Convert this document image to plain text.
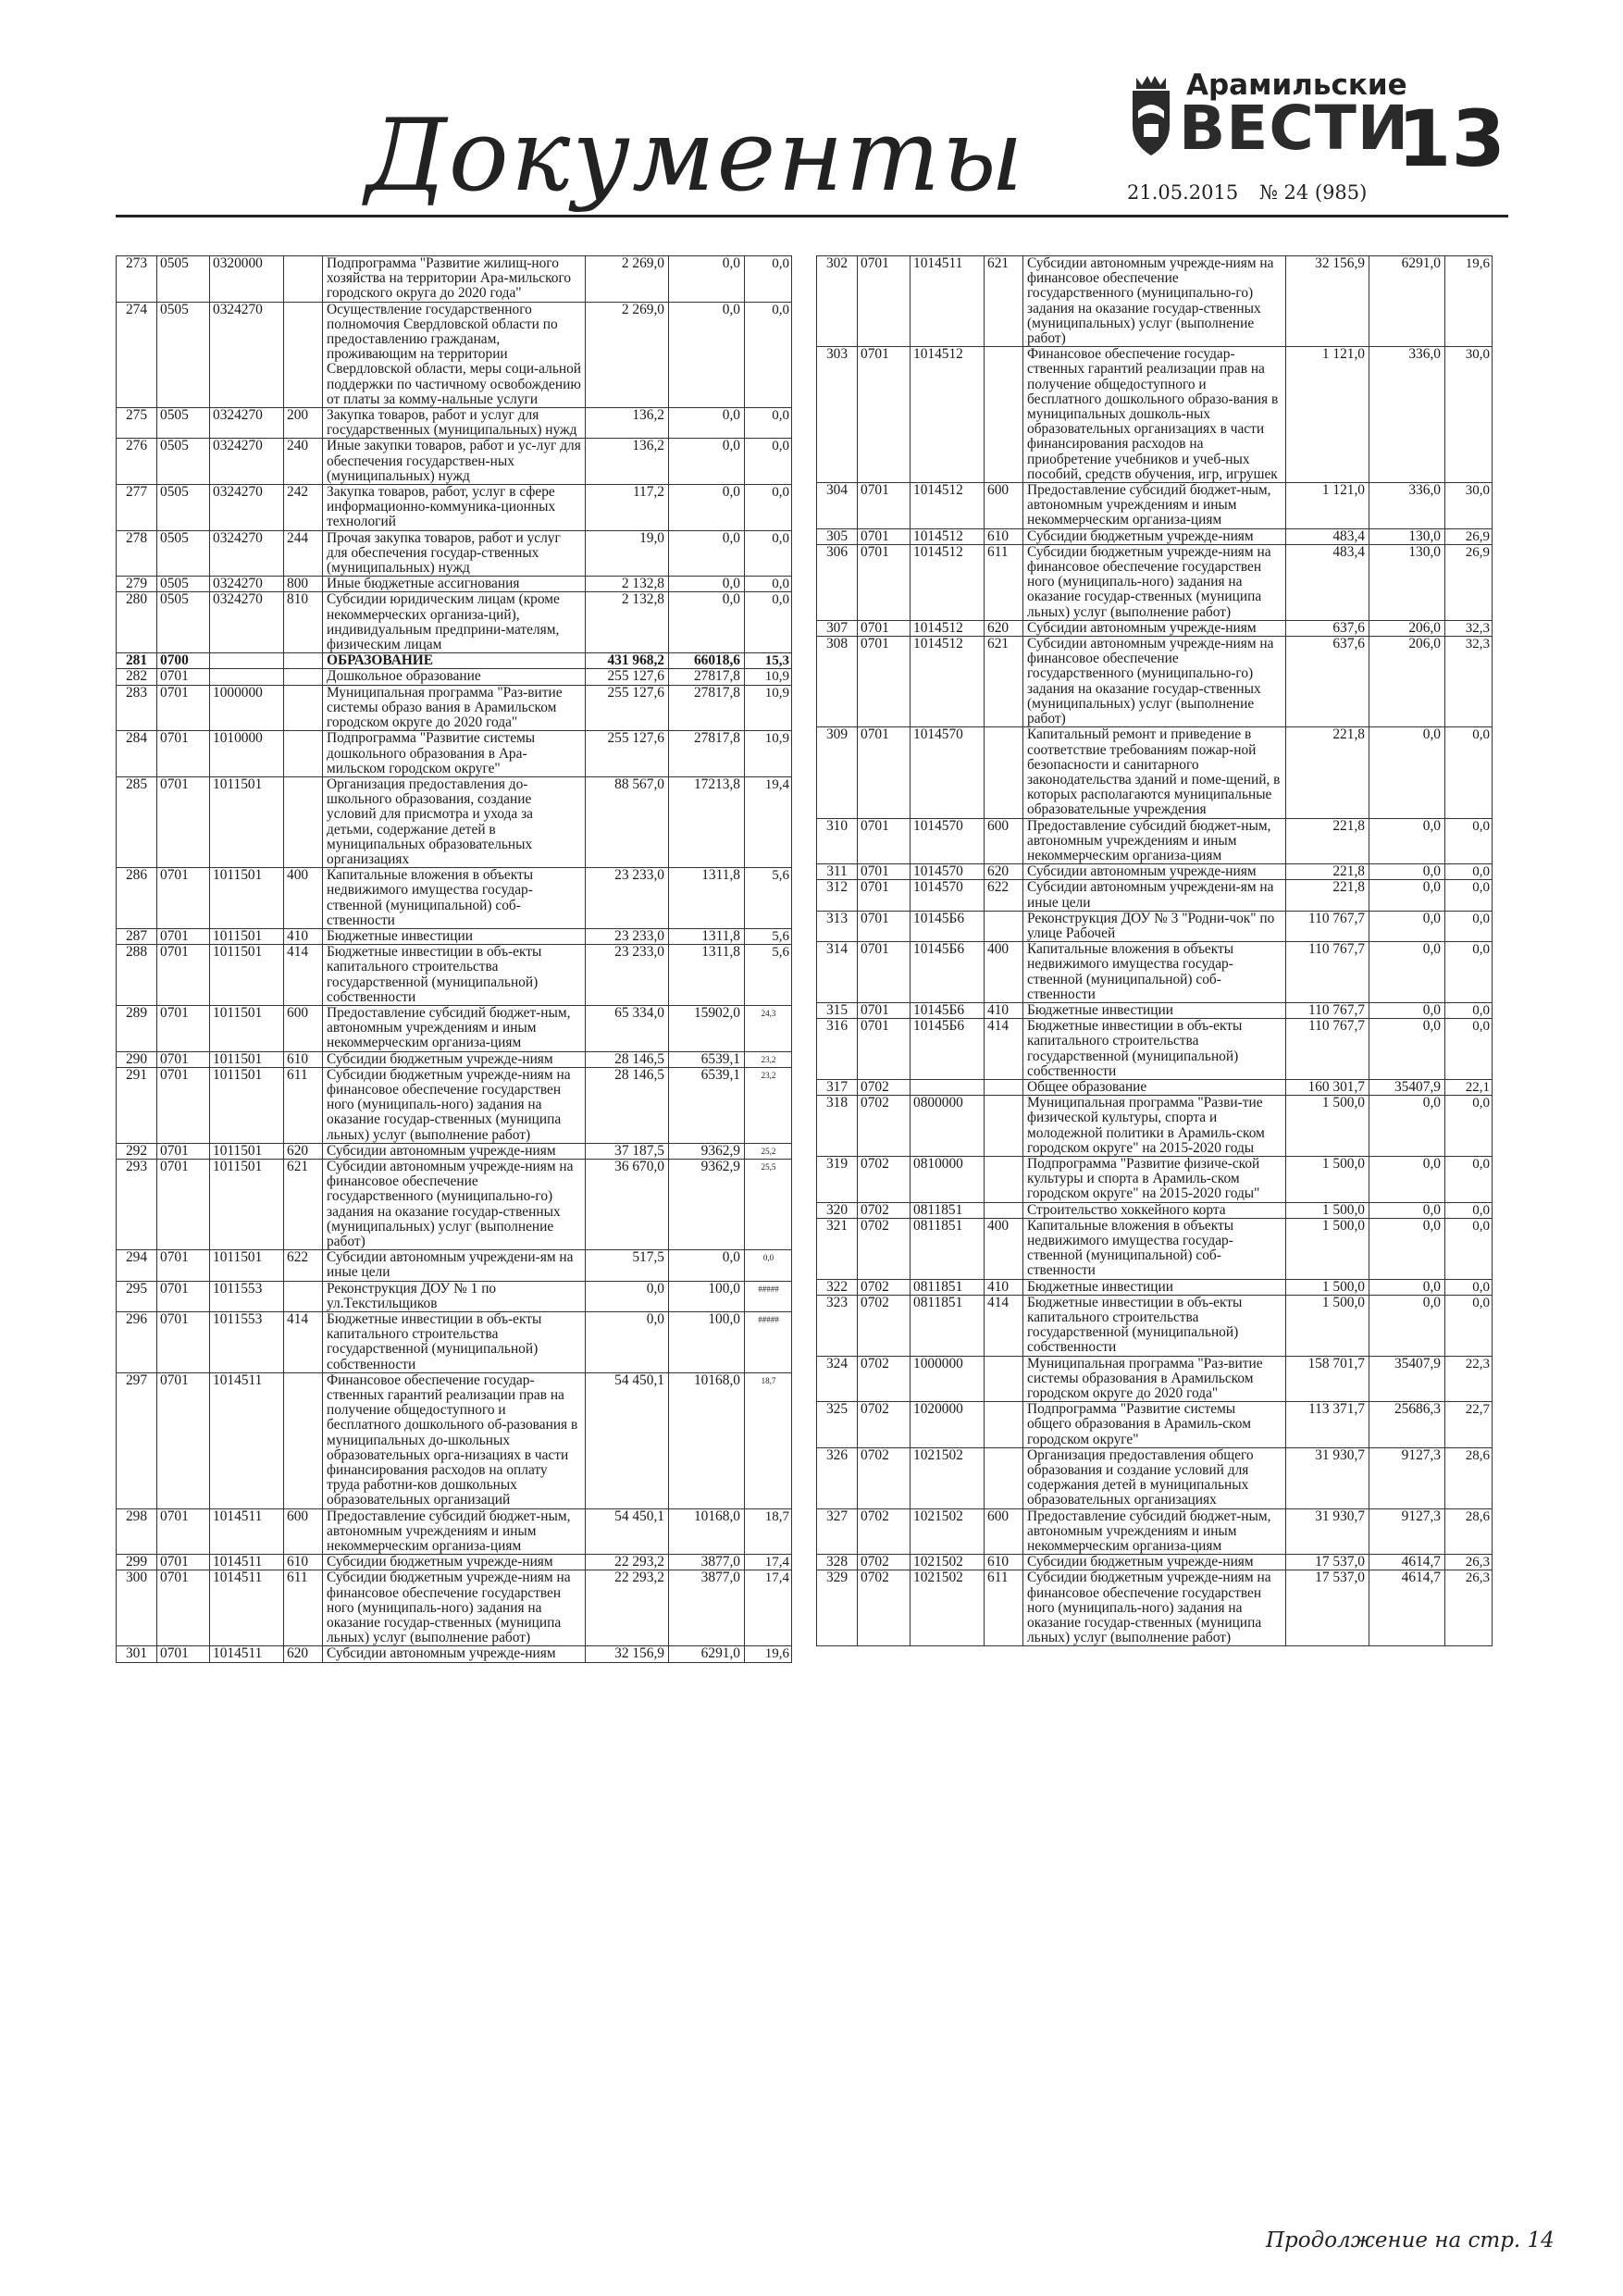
Документы
Арамильские
ВЕСТИ
13
21.05.2015 № 24 (985)
273	0505	0320000		Подпрограмма "Развитие жилищ-ного хозяйства на территории Ара-мильского городского округа до 2020 года"	2 269,0	0,0	0,0
274	0505	0324270		Осуществление государственного полномочия Свердловской области по предоставлению гражданам, проживающим на территории Свердловской области, меры соци-альной поддержки по частичному освобождению от платы за комму-нальные услуги	2 269,0	0,0	0,0
275	0505	0324270	200	Закупка товаров, работ и услуг для государственных (муниципальных) нужд	136,2	0,0	0,0
276	0505	0324270	240	Иные закупки товаров, работ и ус-луг для обеспечения государствен-ных (муниципальных) нужд	136,2	0,0	0,0
277	0505	0324270	242	Закупка товаров, работ, услуг в сфере информационно-коммуника-ционных технологий	117,2	0,0	0,0
278	0505	0324270	244	Прочая закупка товаров, работ и услуг для обеспечения государ-ственных (муниципальных) нужд	19,0	0,0	0,0
279	0505	0324270	800	Иные бюджетные ассигнования	2 132,8	0,0	0,0
280	0505	0324270	810	Субсидии юридическим лицам (кроме некоммерческих организа-ций), индивидуальным предприни-мателям, физическим лицам	2 132,8	0,0	0,0
281	0700			ОБРАЗОВАНИЕ	431 968,2	66018,6	15,3
282	0701			Дошкольное образование	255 127,6	27817,8	10,9
283	0701	1000000		Муниципальная программа "Раз-витие системы образо вания в Арамильском городском округе до 2020 года"	255 127,6	27817,8	10,9
284	0701	1010000		Подпрограмма "Развитие системы дошкольного образования в Ара-мильском городском округе"	255 127,6	27817,8	10,9
285	0701	1011501		Организация предоставления до-школьного образования, создание условий для присмотра и ухода за детьми, содержание детей в муниципальных образовательных организациях	88 567,0	17213,8	19,4
286	0701	1011501	400	Капитальные вложения в объекты недвижимого имущества государ-ственной (муниципальной) соб-ственности	23 233,0	1311,8	5,6
287	0701	1011501	410	Бюджетные инвестиции	23 233,0	1311,8	5,6
288	0701	1011501	414	Бюджетные инвестиции в объ-екты капитального строительства государственной (муниципальной) собственности	23 233,0	1311,8	5,6
289	0701	1011501	600	Предоставление субсидий бюджет-ным, автономным учреждениям и иным некоммерческим организа-циям	65 334,0	15902,0	24,3
290	0701	1011501	610	Субсидии бюджетным учрежде-ниям	28 146,5	6539,1	23,2
291	0701	1011501	611	Субсидии бюджетным учрежде-ниям на финансовое обеспечение государствен ного (муниципаль-ного) задания на оказание государ-ственных (муниципа льных) услуг (выполнение работ)	28 146,5	6539,1	23,2
292	0701	1011501	620	Субсидии автономным учрежде-ниям	37 187,5	9362,9	25,2
293	0701	1011501	621	Субсидии автономным учрежде-ниям на финансовое обеспечение государственного (муниципально-го) задания на оказание государ-ственных (муниципальных) услуг (выполнение работ)	36 670,0	9362,9	25,5
294	0701	1011501	622	Субсидии автономным учреждени-ям на иные цели	517,5	0,0	0,0
295	0701	1011553		Реконструкция ДОУ № 1 по ул.Текстильщиков	0,0	100,0	#####
296	0701	1011553	414	Бюджетные инвестиции в объ-екты капитального строительства государственной (муниципальной) собственности	0,0	100,0	#####
297	0701	1014511		Финансовое обеспечение государ-ственных гарантий реализации прав на получение общедоступного и бесплатного дошкольного об-разования в муниципальных до-школьных образовательных орга-низациях в части финансирования расходов на оплату труда работни-ков дошкольных образовательных организаций	54 450,1	10168,0	18,7
298	0701	1014511	600	Предоставление субсидий бюджет-ным, автономным учреждениям и иным некоммерческим организа-циям	54 450,1	10168,0	18,7
299	0701	1014511	610	Субсидии бюджетным учрежде-ниям	22 293,2	3877,0	17,4
300	0701	1014511	611	Субсидии бюджетным учрежде-ниям на финансовое обеспечение государствен ного (муниципаль-ного) задания на оказание государ-ственных (муниципа льных) услуг (выполнение работ)	22 293,2	3877,0	17,4
301	0701	1014511	620	Субсидии автономным учрежде-ниям	32 156,9	6291,0	19,6
302	0701	1014511	621	Субсидии автономным учрежде-ниям на финансовое обеспечение государственного (муниципально-го) задания на оказание государ-ственных (муниципальных) услуг (выполнение работ)	32 156,9	6291,0	19,6
303	0701	1014512		Финансовое обеспечение государ-ственных гарантий реализации прав на получение общедоступного и бесплатного дошкольного образо-вания в муниципальных дошколь-ных образовательных организациях в части финансирования расходов на приобретение учебников и учеб-ных пособий, средств обучения, игр, игрушек	1 121,0	336,0	30,0
304	0701	1014512	600	Предоставление субсидий бюджет-ным, автономным учреждениям и иным некоммерческим организа-циям	1 121,0	336,0	30,0
305	0701	1014512	610	Субсидии бюджетным учрежде-ниям	483,4	130,0	26,9
306	0701	1014512	611	Субсидии бюджетным учрежде-ниям на финансовое обеспечение государствен ного (муниципаль-ного) задания на оказание государ-ственных (муниципа льных) услуг (выполнение работ)	483,4	130,0	26,9
307	0701	1014512	620	Субсидии автономным учрежде-ниям	637,6	206,0	32,3
308	0701	1014512	621	Субсидии автономным учрежде-ниям на финансовое обеспечение государственного (муниципально-го) задания на оказание государ-ственных (муниципальных) услуг (выполнение работ)	637,6	206,0	32,3
309	0701	1014570		Капитальный ремонт и приведение в соответствие требованиям пожар-ной безопасности и санитарного законодательства зданий и поме-щений, в которых располагаются муниципальные образовательные учреждения	221,8	0,0	0,0
310	0701	1014570	600	Предоставление субсидий бюджет-ным, автономным учреждениям и иным некоммерческим организа-циям	221,8	0,0	0,0
311	0701	1014570	620	Субсидии автономным учрежде-ниям	221,8	0,0	0,0
312	0701	1014570	622	Субсидии автономным учреждени-ям на иные цели	221,8	0,0	0,0
313	0701	10145Б6		Реконструкция ДОУ № 3 "Родни-чок" по улице Рабочей	110 767,7	0,0	0,0
314	0701	10145Б6	400	Капитальные вложения в объекты недвижимого имущества государ-ственной (муниципальной) соб-ственности	110 767,7	0,0	0,0
315	0701	10145Б6	410	Бюджетные инвестиции	110 767,7	0,0	0,0
316	0701	10145Б6	414	Бюджетные инвестиции в объ-екты капитального строительства государственной (муниципальной) собственности	110 767,7	0,0	0,0
317	0702			Общее образование	160 301,7	35407,9	22,1
318	0702	0800000		Муниципальная программа "Разви-тие физической культуры, спорта и молодежной политики в Арамиль-ском городском округе" на 2015-2020 годы	1 500,0	0,0	0,0
319	0702	0810000		Подпрограмма "Развитие физиче-ской культуры и спорта в Арамиль-ском городском округе" на 2015-2020 годы"	1 500,0	0,0	0,0
320	0702	0811851		Строительство хоккейного корта	1 500,0	0,0	0,0
321	0702	0811851	400	Капитальные вложения в объекты недвижимого имущества государ-ственной (муниципальной) соб-ственности	1 500,0	0,0	0,0
322	0702	0811851	410	Бюджетные инвестиции	1 500,0	0,0	0,0
323	0702	0811851	414	Бюджетные инвестиции в объ-екты капитального строительства государственной (муниципальной) собственности	1 500,0	0,0	0,0
324	0702	1000000		Муниципальная программа "Раз-витие системы образования в Арамильском городском округе до 2020 года"	158 701,7	35407,9	22,3
325	0702	1020000		Подпрограмма "Развитие системы общего образования в Арамиль-ском городском округе"	113 371,7	25686,3	22,7
326	0702	1021502		Организация предоставления общего образования и создание условий для содержания детей в муниципальных образовательных организациях	31 930,7	9127,3	28,6
327	0702	1021502	600	Предоставление субсидий бюджет-ным, автономным учреждениям и иным некоммерческим организа-циям	31 930,7	9127,3	28,6
328	0702	1021502	610	Субсидии бюджетным учрежде-ниям	17 537,0	4614,7	26,3
329	0702	1021502	611	Субсидии бюджетным учрежде-ниям на финансовое обеспечение государствен ного (муниципаль-ного) задания на оказание государ-ственных (муниципа льных) услуг (выполнение работ)	17 537,0	4614,7	26,3
Продолжение на стр. 14
